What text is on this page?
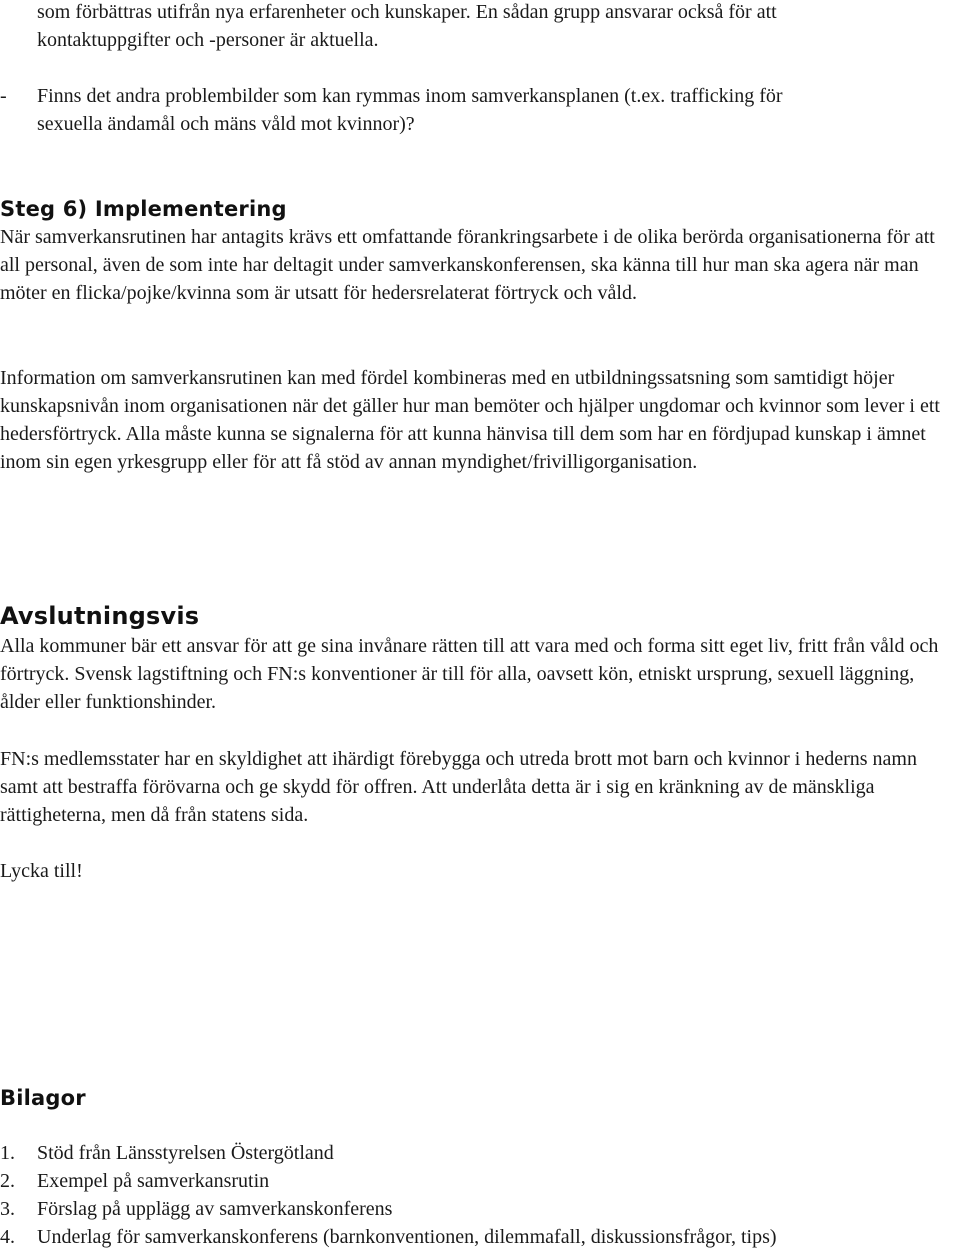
som förbättras utifrån nya erfarenheter och kunskaper. En sådan grupp ansvarar också för att

kontaktuppgifter och -personer är aktuella.

-	Finns det andra problembilder som kan rymmas inom samverkansplanen (t.ex. trafficking för

sexuella ändamål och mäns våld mot kvinnor)?

Steg 6) Implementering

När samverkansrutinen har antagits krävs ett omfattande förankringsarbete i de olika berörda organisationerna för att all personal, även de som inte har deltagit under samverkanskonferensen, ska känna till hur man ska agera när man möter en flicka/pojke/kvinna som är utsatt för hedersrelaterat förtryck och våld.

Information om samverkansrutinen kan med fördel kombineras med en utbildningssatsning som samtidigt höjer kunskapsnivån inom organisationen när det gäller hur man bemöter och hjälper ungdomar och kvinnor som lever i ett hedersförtryck. Alla måste kunna se signalerna för att kunna hänvisa till dem som har en fördjupad kunskap i ämnet inom sin egen yrkesgrupp eller för att få stöd av annan myndighet/frivilligorganisation.

Avslutningsvis

Alla kommuner bär ett ansvar för att ge sina invånare rätten till att vara med och forma sitt eget liv, fritt från våld och förtryck. Svensk lagstiftning och FN:s konventioner är till för alla, oavsett kön, etniskt ursprung, sexuell läggning, ålder eller funktionshinder.

FN:s medlemsstater har en skyldighet att ihärdigt förebygga och utreda brott mot barn och kvinnor i hederns namn samt att bestraffa förövarna och ge skydd för offren. Att underlåta detta är i sig en kränkning av de mänskliga rättigheterna, men då från statens sida.

Lycka till!

Bilagor
1.	Stöd från Länsstyrelsen Östergötland
2.	Exempel på samverkansrutin
3.	Förslag på upplägg av samverkanskonferens
4.	Underlag för samverkanskonferens (barnkonventionen, dilemmafall, diskussionsfrågor, tips)
